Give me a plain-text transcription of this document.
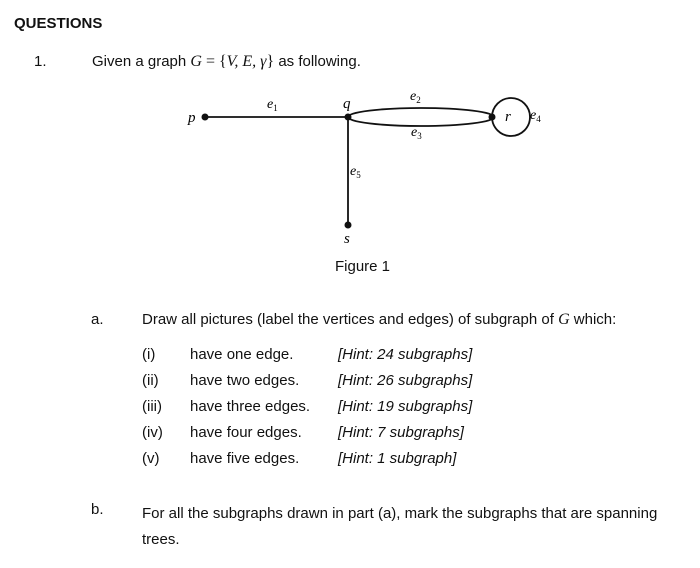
QUESTIONS
1.	Given a graph G = {V, E, γ} as following.
p
q
r
s
$e_1$
$e_2$
$e_3$
$e_4$
$e_5$
Figure 1
a.	Draw all pictures (label the vertices and edges) of subgraph of G which:
(i) have one edge.	[Hint: 24 subgraphs]
(ii) have two edges.	[Hint: 26 subgraphs]
(iii) have three edges. [Hint: 19 subgraphs]
(iv) have four edges. [Hint: 7 subgraphs]
(v) have five edges.	[Hint: 1 subgraph]
b.	For all the subgraphs drawn in part (a), mark the subgraphs that are spanning trees.
